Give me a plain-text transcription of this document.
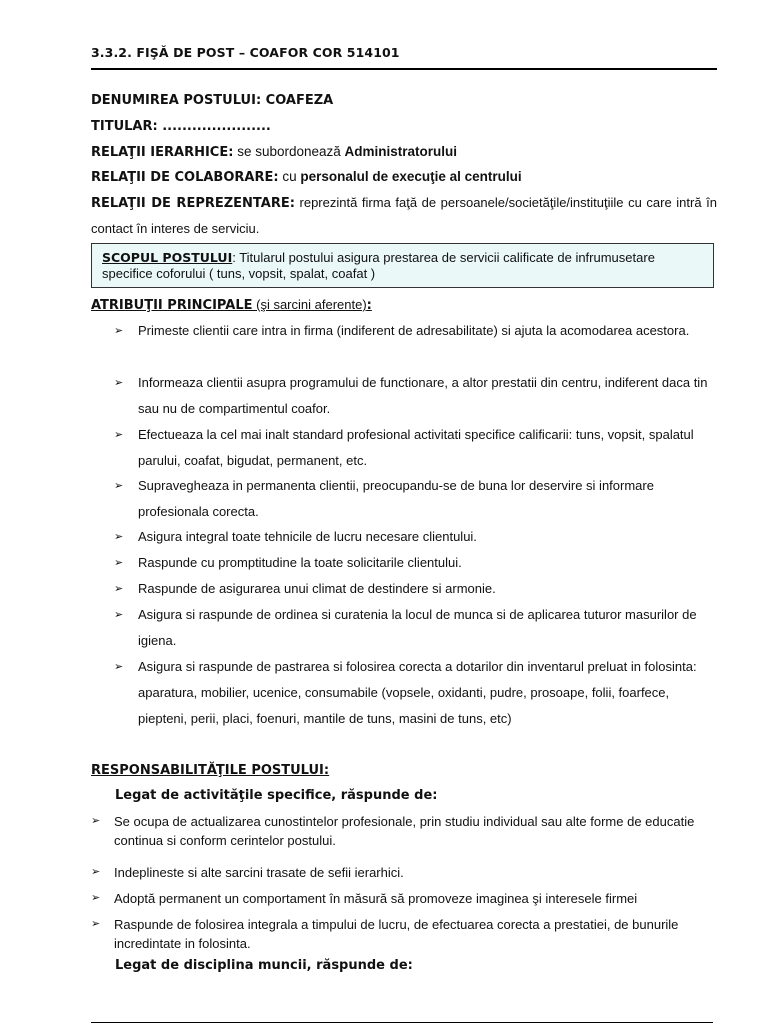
3.3.2. FIŞĂ DE POST – COAFOR COR 514101
DENUMIREA POSTULUI: COAFEZA
TITULAR: ......................
RELAŢII IERARHICE: se subordonează Administratorului
RELAŢII DE COLABORARE: cu personalul de execuţie al centrului
RELAŢII DE REPREZENTARE: reprezintă firma faţă de persoanele/societăţile/instituţiile cu care intră în contact în interes de serviciu.
SCOPUL POSTULUI: Titularul postului asigura prestarea de servicii calificate de infrumusetare specifice coforului ( tuns, vopsit, spalat, coafat )
ATRIBUŢII PRINCIPALE (şi sarcini aferente):
➢ Primeste clientii care intra in firma (indiferent de adresabilitate) si ajuta la acomodarea acestora.
➢ Informeaza clientii asupra programului de functionare, a altor prestatii din centru, indiferent daca tin sau nu de compartimentul coafor.
➢ Efectueaza la cel mai inalt standard profesional activitati specifice calificarii: tuns, vopsit, spalatul parului, coafat, bigudat, permanent, etc.
➢ Supravegheaza in permanenta clientii, preocupandu-se de buna lor deservire si informare profesionala corecta.
➢ Asigura integral toate tehnicile de lucru necesare clientului.
➢ Raspunde cu promptitudine la toate solicitarile clientului.
➢ Raspunde de asigurarea unui climat de destindere si armonie.
➢ Asigura si raspunde de ordinea si curatenia la locul de munca si de aplicarea tuturor masurilor de igiena.
➢ Asigura si raspunde de pastrarea si folosirea corecta a dotarilor din inventarul preluat in folosinta: aparatura, mobilier, ucenice, consumabile (vopsele, oxidanti, pudre, prosoape, folii, foarfece, piepteni, perii, placi, foenuri, mantile de tuns, masini de tuns, etc)
RESPONSABILITĂŢILE POSTULUI:
Legat de activităţile specifice, răspunde de:
➢ Se ocupa de actualizarea cunostintelor profesionale, prin studiu individual sau alte forme de educatie continua si conform cerintelor postului.
➢ Indeplineste si alte sarcini trasate de sefii ierarhici.
➢ Adoptă permanent un comportament în măsură să promoveze imaginea şi interesele firmei
➢ Raspunde de folosirea integrala a timpului de lucru, de efectuarea corecta a prestatiei, de bunurile incredintate in folosinta.
Legat de disciplina muncii, răspunde de:
